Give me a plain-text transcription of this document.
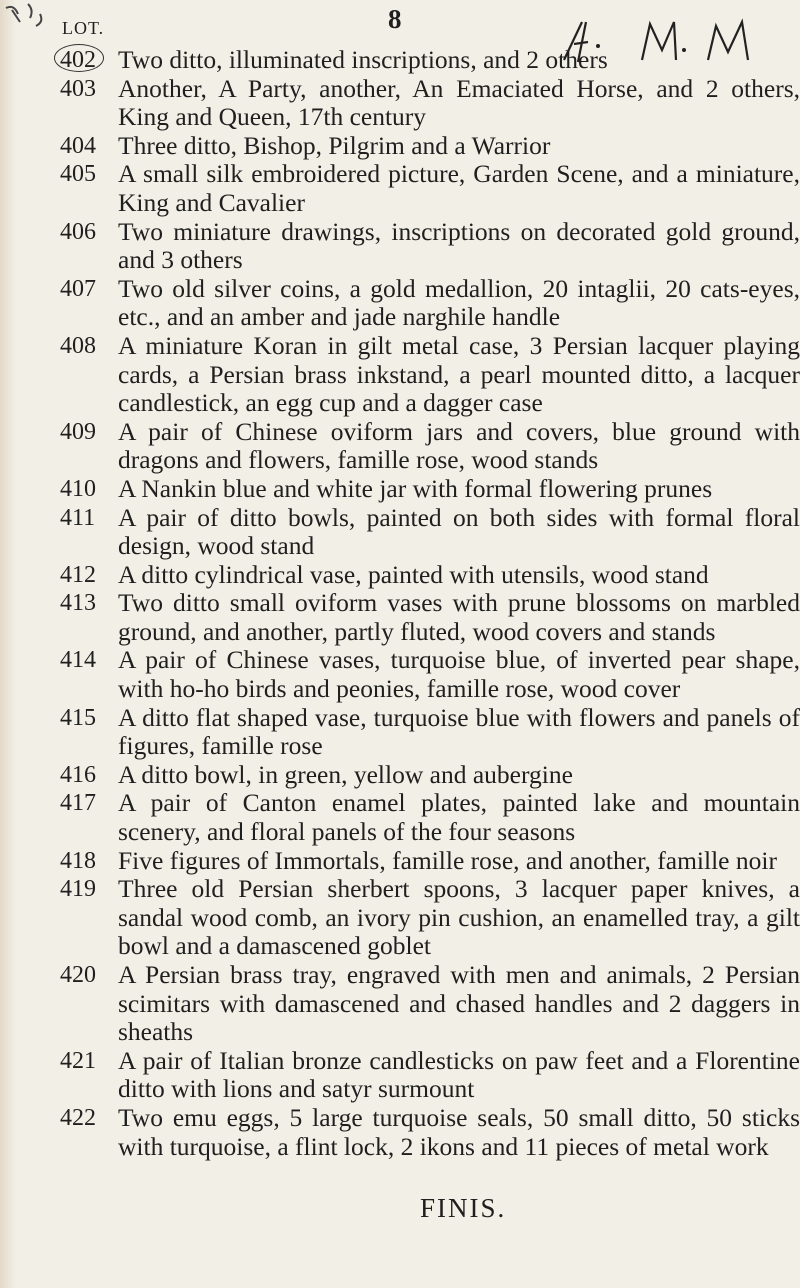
8
LOT.
402 Two ditto, illuminated inscriptions, and 2 others
403 Another, A Party, another, An Emaciated Horse, and 2 others, King and Queen, 17th century
404 Three ditto, Bishop, Pilgrim and a Warrior
405 A small silk embroidered picture, Garden Scene, and a miniature, King and Cavalier
406 Two miniature drawings, inscriptions on decorated gold ground, and 3 others
407 Two old silver coins, a gold medallion, 20 intaglii, 20 cats-eyes, etc., and an amber and jade narghile handle
408 A miniature Koran in gilt metal case, 3 Persian lacquer playing cards, a Persian brass inkstand, a pearl mounted ditto, a lacquer candlestick, an egg cup and a dagger case
409 A pair of Chinese oviform jars and covers, blue ground with dragons and flowers, famille rose, wood stands
410 A Nankin blue and white jar with formal flowering prunes
411 A pair of ditto bowls, painted on both sides with formal floral design, wood stand
412 A ditto cylindrical vase, painted with utensils, wood stand
413 Two ditto small oviform vases with prune blossoms on marbled ground, and another, partly fluted, wood covers and stands
414 A pair of Chinese vases, turquoise blue, of inverted pear shape, with ho-ho birds and peonies, famille rose, wood cover
415 A ditto flat shaped vase, turquoise blue with flowers and panels of figures, famille rose
416 A ditto bowl, in green, yellow and aubergine
417 A pair of Canton enamel plates, painted lake and mountain scenery, and floral panels of the four seasons
418 Five figures of Immortals, famille rose, and another, famille noir
419 Three old Persian sherbert spoons, 3 lacquer paper knives, a sandal wood comb, an ivory pin cushion, an enamelled tray, a gilt bowl and a damascened goblet
420 A Persian brass tray, engraved with men and animals, 2 Persian scimitars with damascened and chased handles and 2 daggers in sheaths
421 A pair of Italian bronze candlesticks on paw feet and a Florentine ditto with lions and satyr surmount
422 Two emu eggs, 5 large turquoise seals, 50 small ditto, 50 sticks with turquoise, a flint lock, 2 ikons and 11 pieces of metal work
FINIS.
